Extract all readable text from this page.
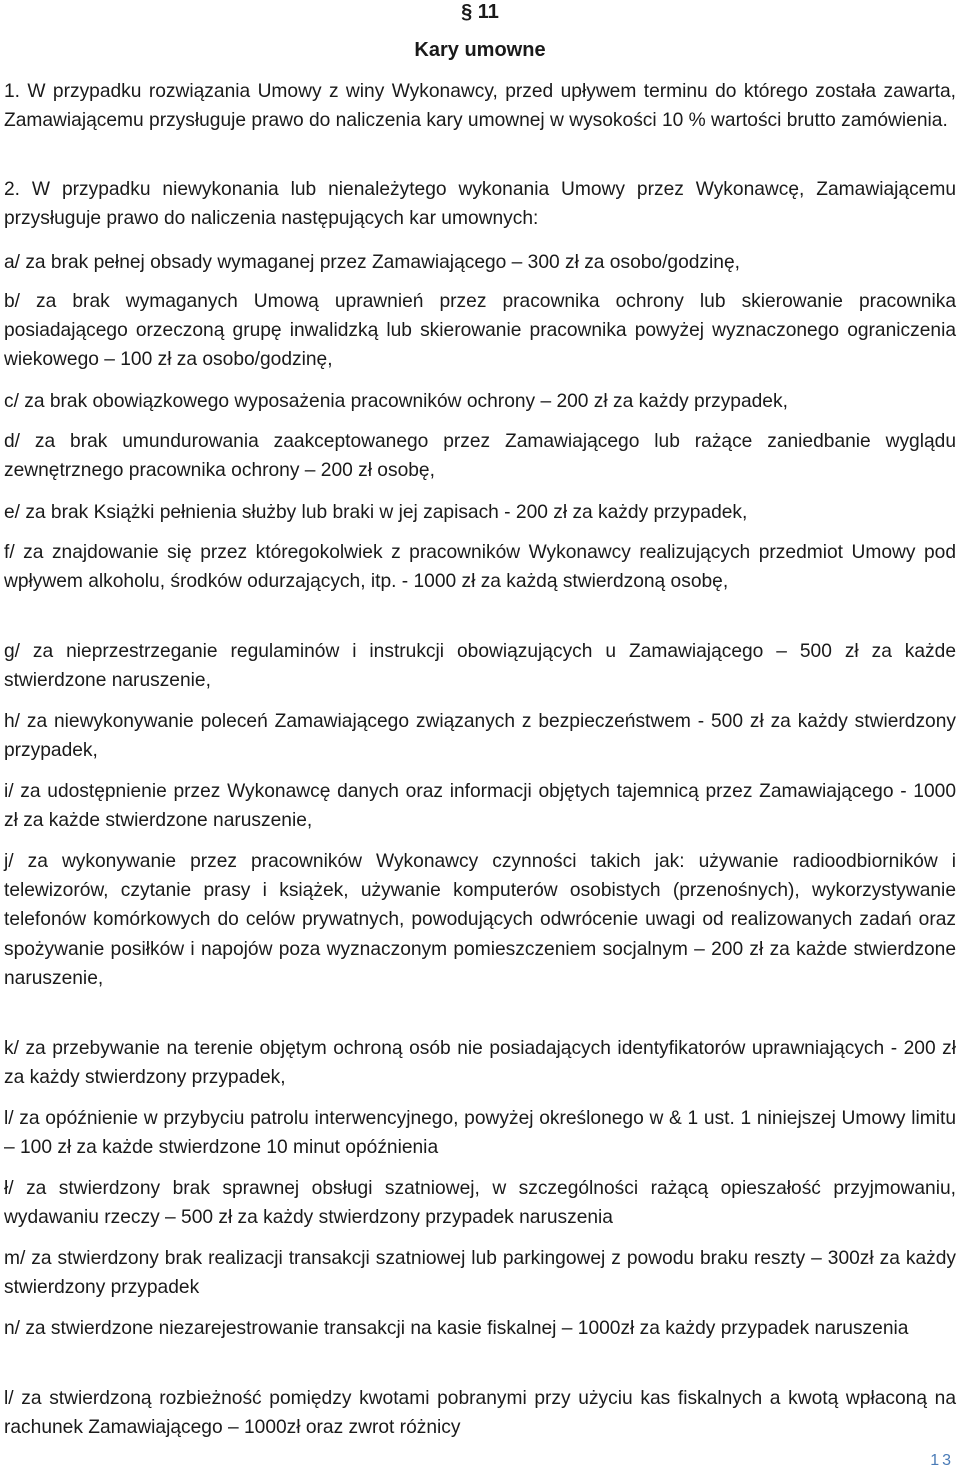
§ 11
Kary umowne

1. W przypadku rozwiązania Umowy z winy Wykonawcy, przed upływem terminu do którego została zawarta, Zamawiającemu przysługuje prawo do naliczenia kary umownej w wysokości 10 % wartości brutto zamówienia.

2. W przypadku niewykonania lub nienależytego wykonania Umowy przez Wykonawcę, Zamawiającemu przysługuje prawo do naliczenia następujących kar umownych:

a/ za brak pełnej obsady wymaganej przez Zamawiającego – 300 zł za osobo/godzinę,

b/ za brak wymaganych Umową uprawnień przez pracownika ochrony lub skierowanie pracownika posiadającego orzeczoną grupę inwalidzką lub skierowanie pracownika powyżej wyznaczonego ograniczenia wiekowego – 100 zł za osobo/godzinę,

c/ za brak obowiązkowego wyposażenia pracowników ochrony – 200 zł za każdy przypadek,

d/ za brak umundurowania zaakceptowanego przez Zamawiającego lub rażące zaniedbanie wyglądu zewnętrznego pracownika ochrony – 200 zł osobę,

e/ za brak Książki pełnienia służby lub braki w jej zapisach - 200 zł za każdy przypadek,

f/ za znajdowanie się przez któregokolwiek z pracowników Wykonawcy realizujących przedmiot Umowy pod wpływem alkoholu, środków odurzających, itp. - 1000 zł za każdą stwierdzoną osobę,

g/ za nieprzestrzeganie regulaminów i instrukcji obowiązujących u Zamawiającego – 500 zł za każde stwierdzone naruszenie,

h/ za niewykonywanie poleceń Zamawiającego związanych z bezpieczeństwem - 500 zł za każdy stwierdzony przypadek,

i/ za udostępnienie przez Wykonawcę danych oraz informacji objętych tajemnicą przez Zamawiającego - 1000 zł za każde stwierdzone naruszenie,

j/ za wykonywanie przez pracowników Wykonawcy czynności takich jak: używanie radioodbiorników i telewizorów, czytanie prasy i książek, używanie komputerów osobistych (przenośnych), wykorzystywanie telefonów komórkowych do celów prywatnych, powodujących odwrócenie uwagi od realizowanych zadań oraz spożywanie posiłków i napojów poza wyznaczonym pomieszczeniem socjalnym – 200 zł za każde stwierdzone naruszenie,

k/ za przebywanie na terenie objętym ochroną osób nie posiadających identyfikatorów uprawniających - 200 zł za każdy stwierdzony przypadek,

l/ za opóźnienie w przybyciu patrolu interwencyjnego, powyżej określonego w & 1 ust. 1 niniejszej Umowy limitu – 100 zł za każde stwierdzone 10 minut opóźnienia

ł/ za stwierdzony brak sprawnej obsługi szatniowej, w szczególności rażącą opieszałość przyjmowaniu, wydawaniu rzeczy – 500 zł za każdy stwierdzony przypadek naruszenia

m/ za stwierdzony brak realizacji transakcji szatniowej lub parkingowej z powodu braku reszty – 300zł za każdy stwierdzony przypadek

n/ za stwierdzone niezarejestrowanie transakcji na kasie fiskalnej – 1000zł za każdy przypadek naruszenia

l/ za stwierdzoną rozbieżność pomiędzy kwotami pobranymi przy użyciu kas fiskalnych a kwotą wpłaconą na rachunek Zamawiającego – 1000zł oraz zwrot różnicy

13
